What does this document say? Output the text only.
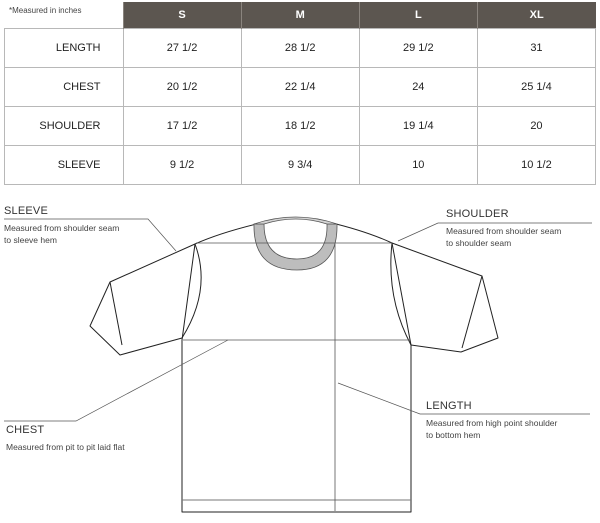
	S	M	L	XL
LENGTH	27 1/2	28 1/2	29 1/2	31
CHEST	20 1/2	22 1/4	24	25 1/4
SHOULDER	17 1/2	18 1/2	19 1/4	20
SLEEVE	9 1/2	9 3/4	10	10 1/2
*Measured in inches
SLEEVE
Measured from shoulder seam
to sleeve hem
SHOULDER
Measured from shoulder seam
to shoulder seam
CHEST
Measured from pit to pit laid flat
LENGTH
Measured from high point shoulder
to bottom hem
